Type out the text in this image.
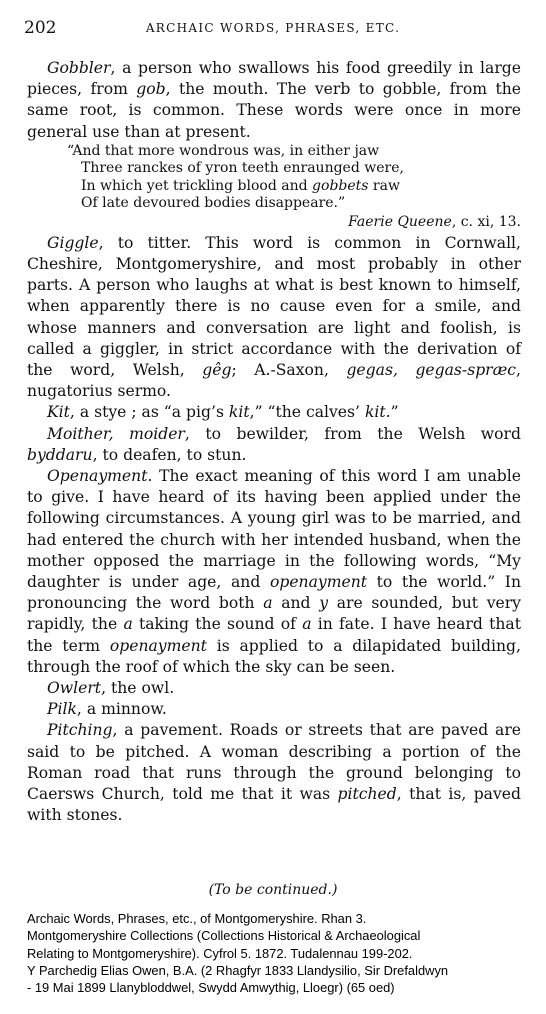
202	ARCHAIC WORDS, PHRASES, ETC.

Gobbler, a person who swallows his food greedily in large pieces, from gob, the mouth. The verb to gobble, from the same root, is common. These words were once in more general use than at present.

“And that more wondrous was, in either jaw
Three ranckes of yron teeth enraunged were,
In which yet trickling blood and gobbets raw
Of late devoured bodies disappeare.”
Faerie Queene, c. xi, 13.

Giggle, to titter. This word is common in Cornwall, Cheshire, Montgomeryshire, and most probably in other parts. A person who laughs at what is best known to himself, when apparently there is no cause even for a smile, and whose manners and conversation are light and foolish, is called a giggler, in strict accordance with the derivation of the word, Welsh, gêg; A.-Saxon, gegas, gegas-spræc, nugatorius sermo.

Kit, a stye ; as “a pig’s kit,” “the calves’ kit.”

Moither, moider, to bewilder, from the Welsh word byddaru, to deafen, to stun.

Openayment. The exact meaning of this word I am unable to give. I have heard of its having been applied under the following circumstances. A young girl was to be married, and had entered the church with her intended husband, when the mother opposed the marriage in the following words, “My daughter is under age, and openayment to the world.” In pronouncing the word both a and y are sounded, but very rapidly, the a taking the sound of a in fate. I have heard that the term openayment is applied to a dilapidated building, through the roof of which the sky can be seen.

Owlert, the owl.

Pilk, a minnow.

Pitching, a pavement. Roads or streets that are paved are said to be pitched. A woman describing a portion of the Roman road that runs through the ground belonging to Caersws Church, told me that it was pitched, that is, paved with stones.

(To be continued.)
Archaic Words, Phrases, etc., of Montgomeryshire. Rhan 3.
Montgomeryshire Collections (Collections Historical & Archaeological
Relating to Montgomeryshire). Cyfrol 5. 1872. Tudalennau 199-202.
Y Parchedig Elias Owen, B.A. (2 Rhagfyr 1833 Llandysilio, Sir Drefaldwyn
- 19 Mai 1899 Llanybloddwel, Swydd Amwythig, Lloegr) (65 oed)
